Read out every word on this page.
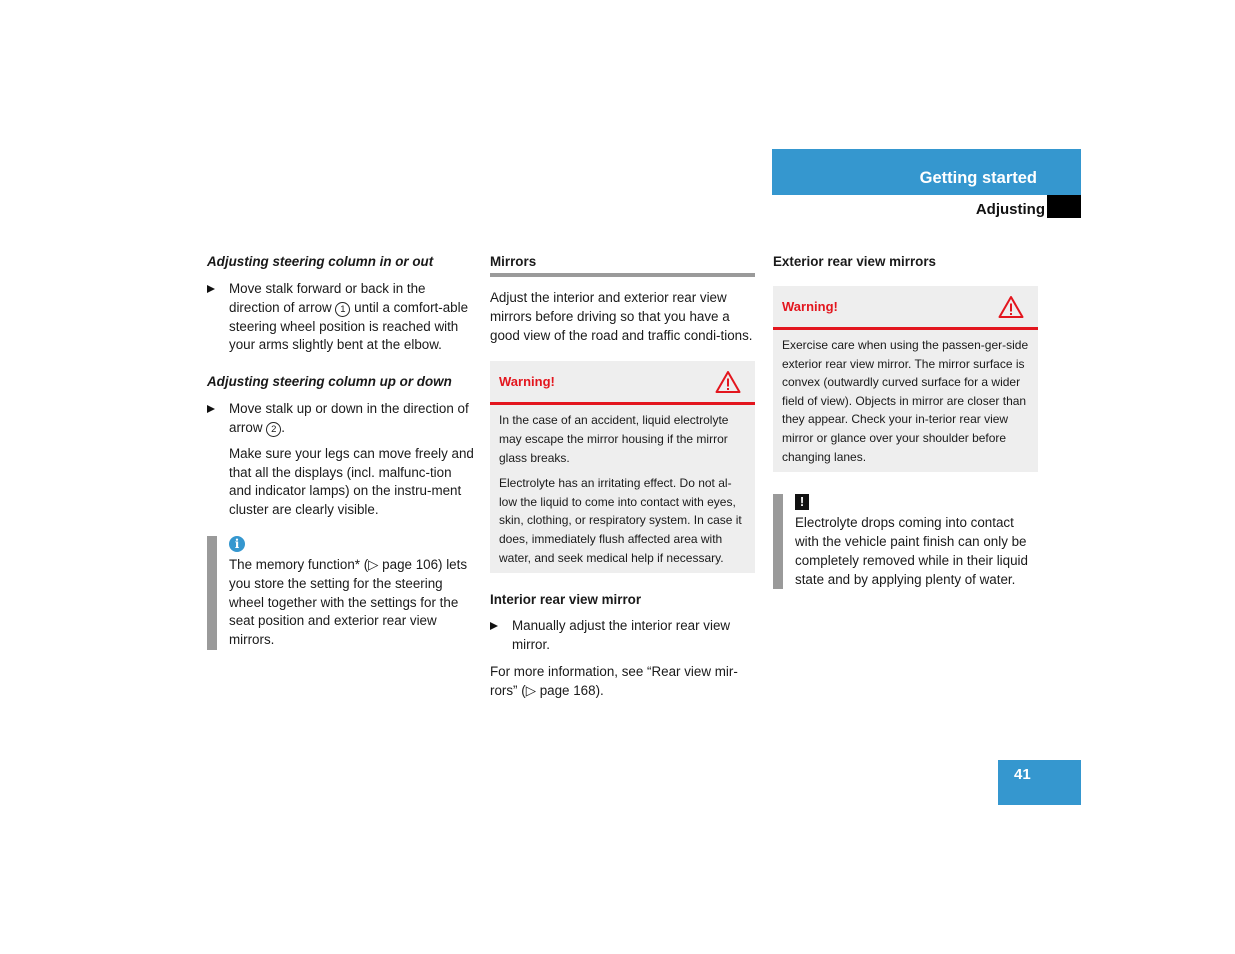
Getting started
Adjusting

Adjusting steering column in or out

Move stalk forward or back in the direction of arrow 1 until a comfort-able steering wheel position is reached with your arms slightly bent at the elbow.

Adjusting steering column up or down

Move stalk up or down in the direction of arrow 2 .

Make sure your legs can move freely and that all the displays (incl. malfunc-tion and indicator lamps) on the instru-ment cluster are clearly visible.

i

The memory function* (▷ page 106) lets you store the setting for the steering wheel together with the settings for the seat position and exterior rear view mirrors.

Mirrors

Adjust the interior and exterior rear view mirrors before driving so that you have a good view of the road and traffic condi-tions.

Warning!

In the case of an accident, liquid electrolyte may escape the mirror housing if the mirror glass breaks.

Electrolyte has an irritating effect. Do not al-low the liquid to come into contact with eyes, skin, clothing, or respiratory system. In case it does, immediately flush affected area with water, and seek medical help if necessary.

Interior rear view mirror

Manually adjust the interior rear view mirror.

For more information, see “Rear view mir-rors” (▷ page 168).

Exterior rear view mirrors

Warning!

Exercise care when using the passen-ger-side exterior rear view mirror. The mirror surface is convex (outwardly curved surface for a wider field of view). Objects in mirror are closer than they appear. Check your in-terior rear view mirror or glance over your shoulder before changing lanes.

!

Electrolyte drops coming into contact with the vehicle paint finish can only be completely removed while in their liquid state and by applying plenty of water.

41
